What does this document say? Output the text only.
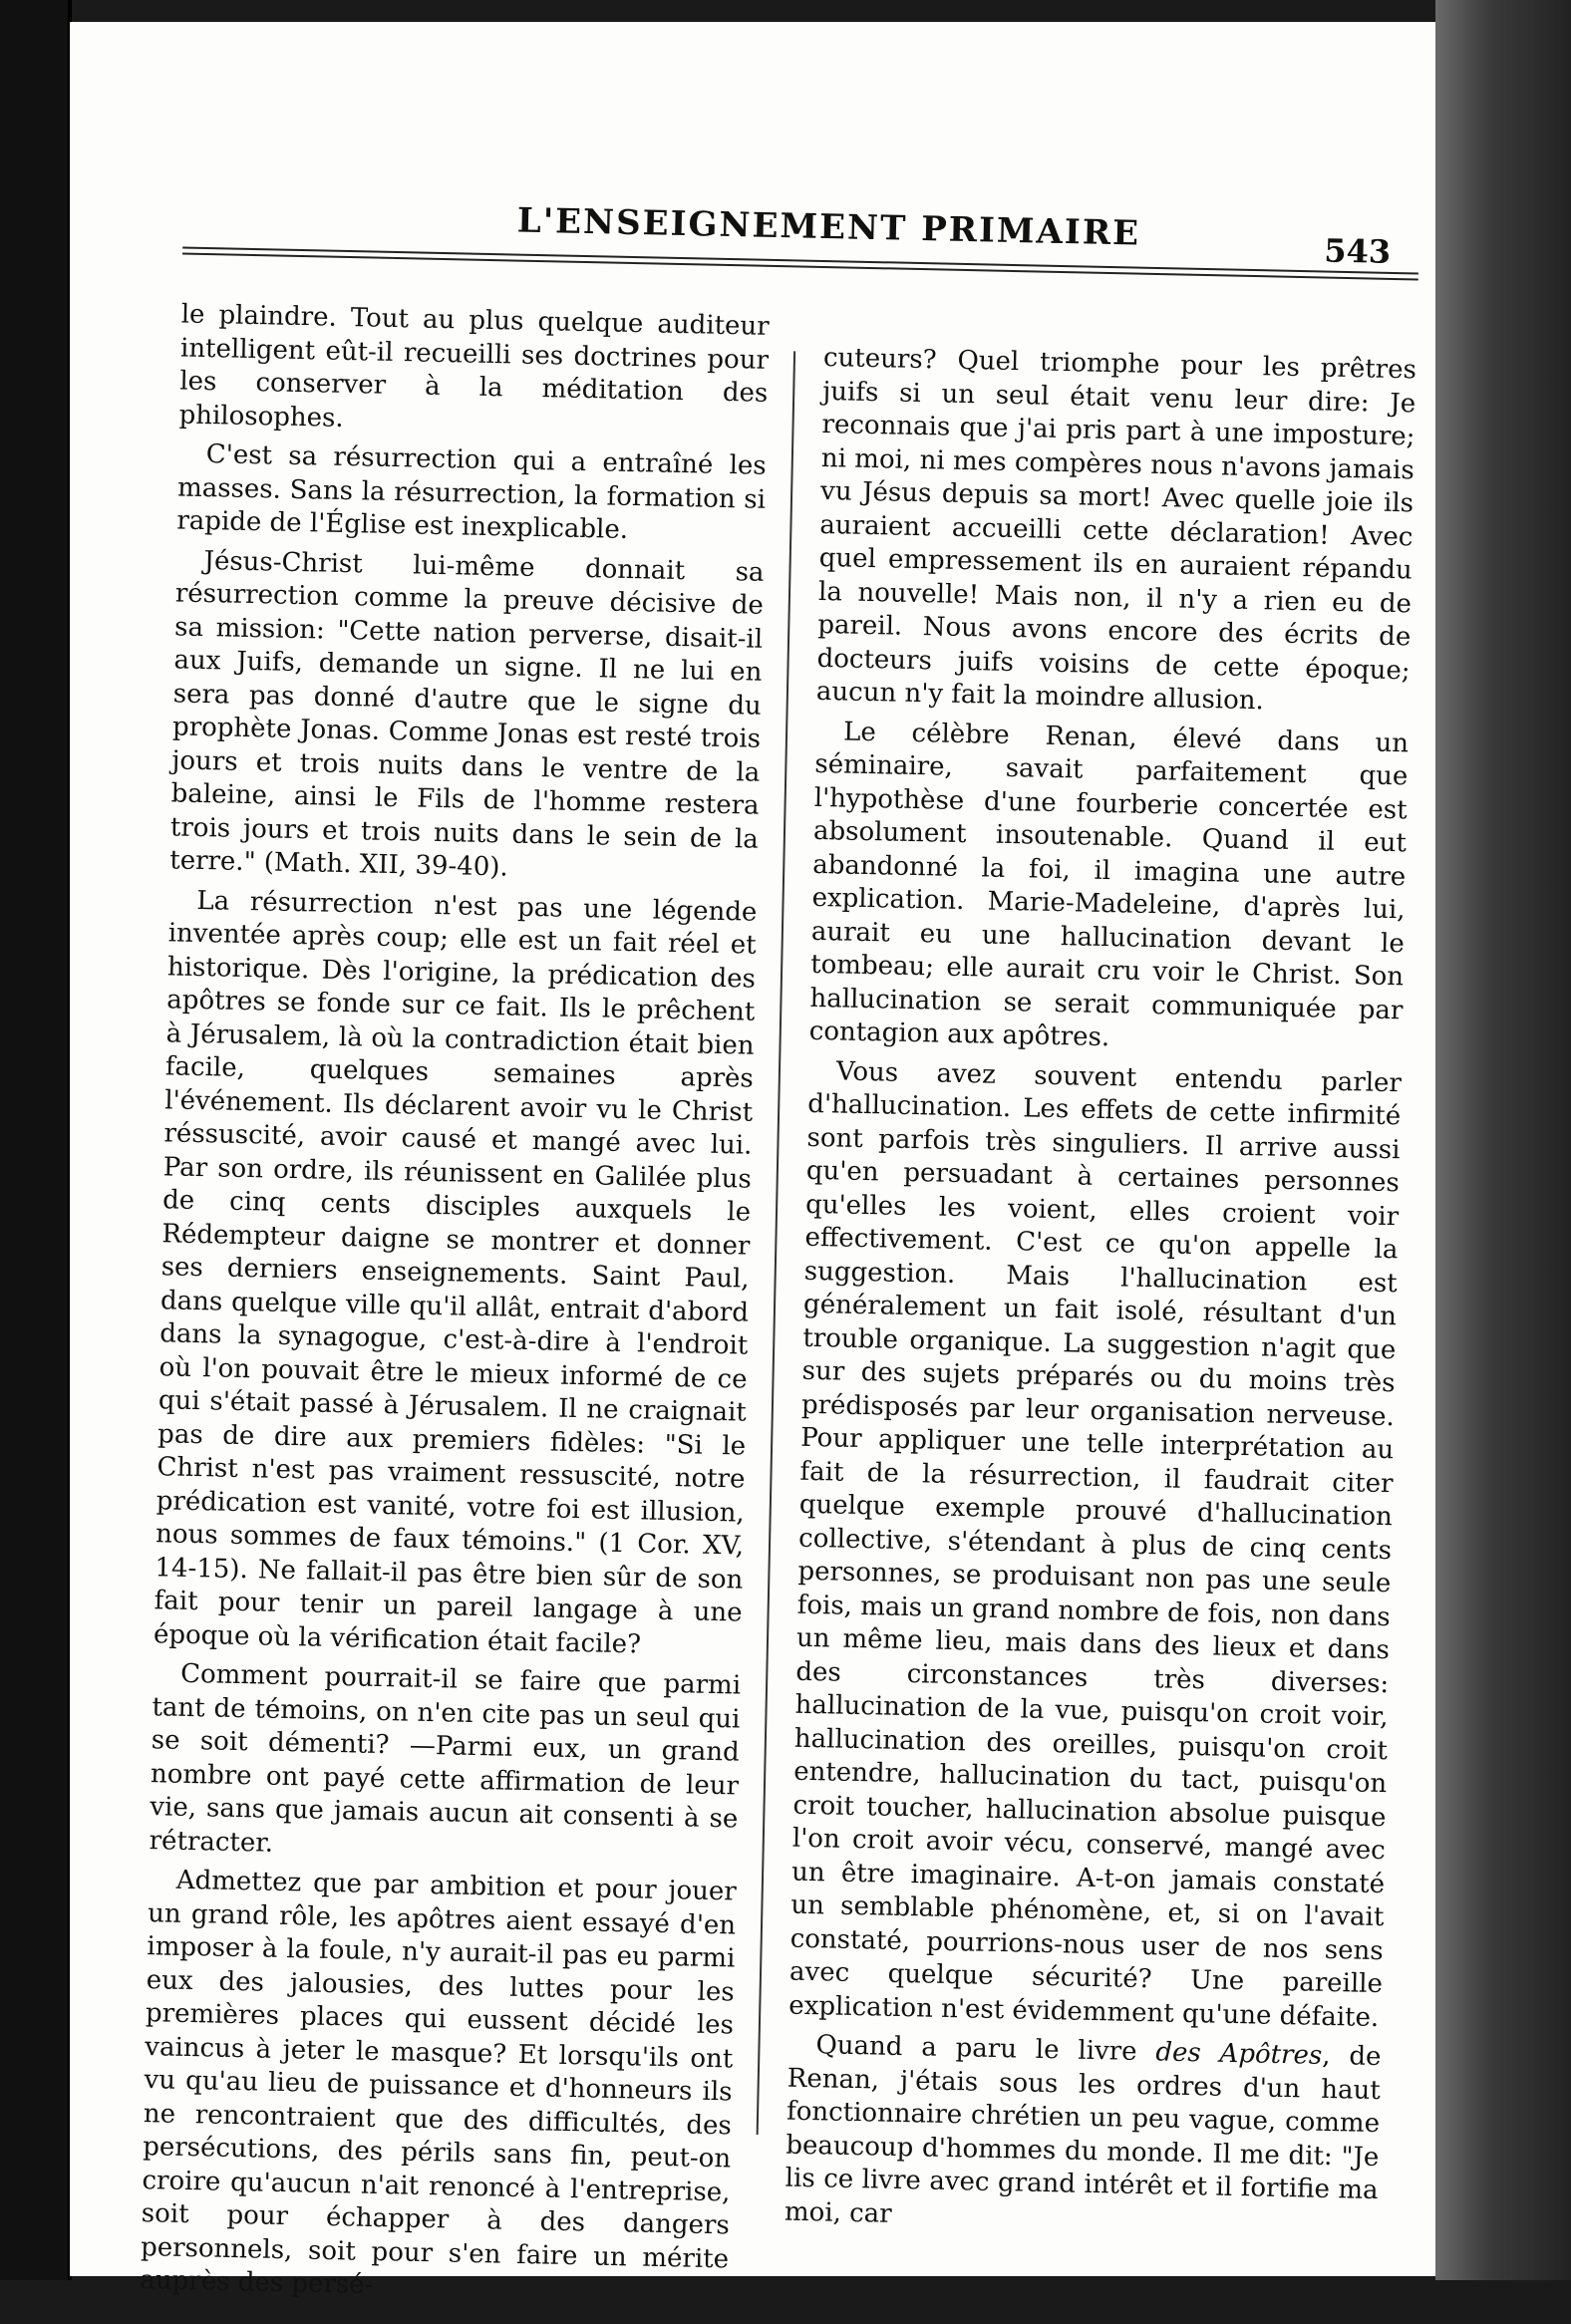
L'ENSEIGNEMENT PRIMAIRE	543

le plaindre. Tout au plus quelque auditeur intelligent eût-il recueilli ses doctrines pour les conserver à la méditation des philosophes.

C'est sa résurrection qui a entraîné les masses. Sans la résurrection, la formation si rapide de l'Église est inexplicable.

Jésus-Christ lui-même donnait sa résurrection comme la preuve décisive de sa mission: "Cette nation perverse, disait-il aux Juifs, demande un signe. Il ne lui en sera pas donné d'autre que le signe du prophète Jonas. Comme Jonas est resté trois jours et trois nuits dans le ventre de la baleine, ainsi le Fils de l'homme restera trois jours et trois nuits dans le sein de la terre." (Math. XII, 39-40).

La résurrection n'est pas une légende inventée après coup; elle est un fait réel et historique. Dès l'origine, la prédication des apôtres se fonde sur ce fait. Ils le prêchent à Jérusalem, là où la contradiction était bien facile, quelques semaines après l'événement. Ils déclarent avoir vu le Christ réssuscité, avoir causé et mangé avec lui. Par son ordre, ils réunissent en Galilée plus de cinq cents disciples auxquels le Rédempteur daigne se montrer et donner ses derniers enseignements. Saint Paul, dans quelque ville qu'il allât, entrait d'abord dans la synagogue, c'est-à-dire à l'endroit où l'on pouvait être le mieux informé de ce qui s'était passé à Jérusalem. Il ne craignait pas de dire aux premiers fidèles: "Si le Christ n'est pas vraiment ressuscité, notre prédication est vanité, votre foi est illusion, nous sommes de faux témoins." (1 Cor. XV, 14-15). Ne fallait-il pas être bien sûr de son fait pour tenir un pareil langage à une époque où la vérification était facile?

Comment pourrait-il se faire que parmi tant de témoins, on n'en cite pas un seul qui se soit démenti? —Parmi eux, un grand nombre ont payé cette affirmation de leur vie, sans que jamais aucun ait consenti à se rétracter.

Admettez que par ambition et pour jouer un grand rôle, les apôtres aient essayé d'en imposer à la foule, n'y aurait-il pas eu parmi eux des jalousies, des luttes pour les premières places qui eussent décidé les vaincus à jeter le masque? Et lorsqu'ils ont vu qu'au lieu de puissance et d'honneurs ils ne rencontraient que des difficultés, des persécutions, des périls sans fin, peut-on croire qu'aucun n'ait renoncé à l'entreprise, soit pour échapper à des dangers personnels, soit pour s'en faire un mérite auprès des persé-

cuteurs? Quel triomphe pour les prêtres juifs si un seul était venu leur dire: Je reconnais que j'ai pris part à une imposture; ni moi, ni mes compères nous n'avons jamais vu Jésus depuis sa mort! Avec quelle joie ils auraient accueilli cette déclaration! Avec quel empressement ils en auraient répandu la nouvelle! Mais non, il n'y a rien eu de pareil. Nous avons encore des écrits de docteurs juifs voisins de cette époque; aucun n'y fait la moindre allusion.

Le célèbre Renan, élevé dans un séminaire, savait parfaitement que l'hypothèse d'une fourberie concertée est absolument insoutenable. Quand il eut abandonné la foi, il imagina une autre explication. Marie-Madeleine, d'après lui, aurait eu une hallucination devant le tombeau; elle aurait cru voir le Christ. Son hallucination se serait communiquée par contagion aux apôtres.

Vous avez souvent entendu parler d'hallucination. Les effets de cette infirmité sont parfois très singuliers. Il arrive aussi qu'en persuadant à certaines personnes qu'elles les voient, elles croient voir effectivement. C'est ce qu'on appelle la suggestion. Mais l'hallucination est généralement un fait isolé, résultant d'un trouble organique. La suggestion n'agit que sur des sujets préparés ou du moins très prédisposés par leur organisation nerveuse. Pour appliquer une telle interprétation au fait de la résurrection, il faudrait citer quelque exemple prouvé d'hallucination collective, s'étendant à plus de cinq cents personnes, se produisant non pas une seule fois, mais un grand nombre de fois, non dans un même lieu, mais dans des lieux et dans des circonstances très diverses: hallucination de la vue, puisqu'on croit voir, hallucination des oreilles, puisqu'on croit entendre, hallucination du tact, puisqu'on croit toucher, hallucination absolue puisque l'on croit avoir vécu, conservé, mangé avec un être imaginaire. A-t-on jamais constaté un semblable phénomène, et, si on l'avait constaté, pourrions-nous user de nos sens avec quelque sécurité? Une pareille explication n'est évidemment qu'une défaite.

Quand a paru le livre des Apôtres, de Renan, j'étais sous les ordres d'un haut fonctionnaire chrétien un peu vague, comme beaucoup d'hommes du monde. Il me dit: "Je lis ce livre avec grand intérêt et il fortifie ma moi, car
